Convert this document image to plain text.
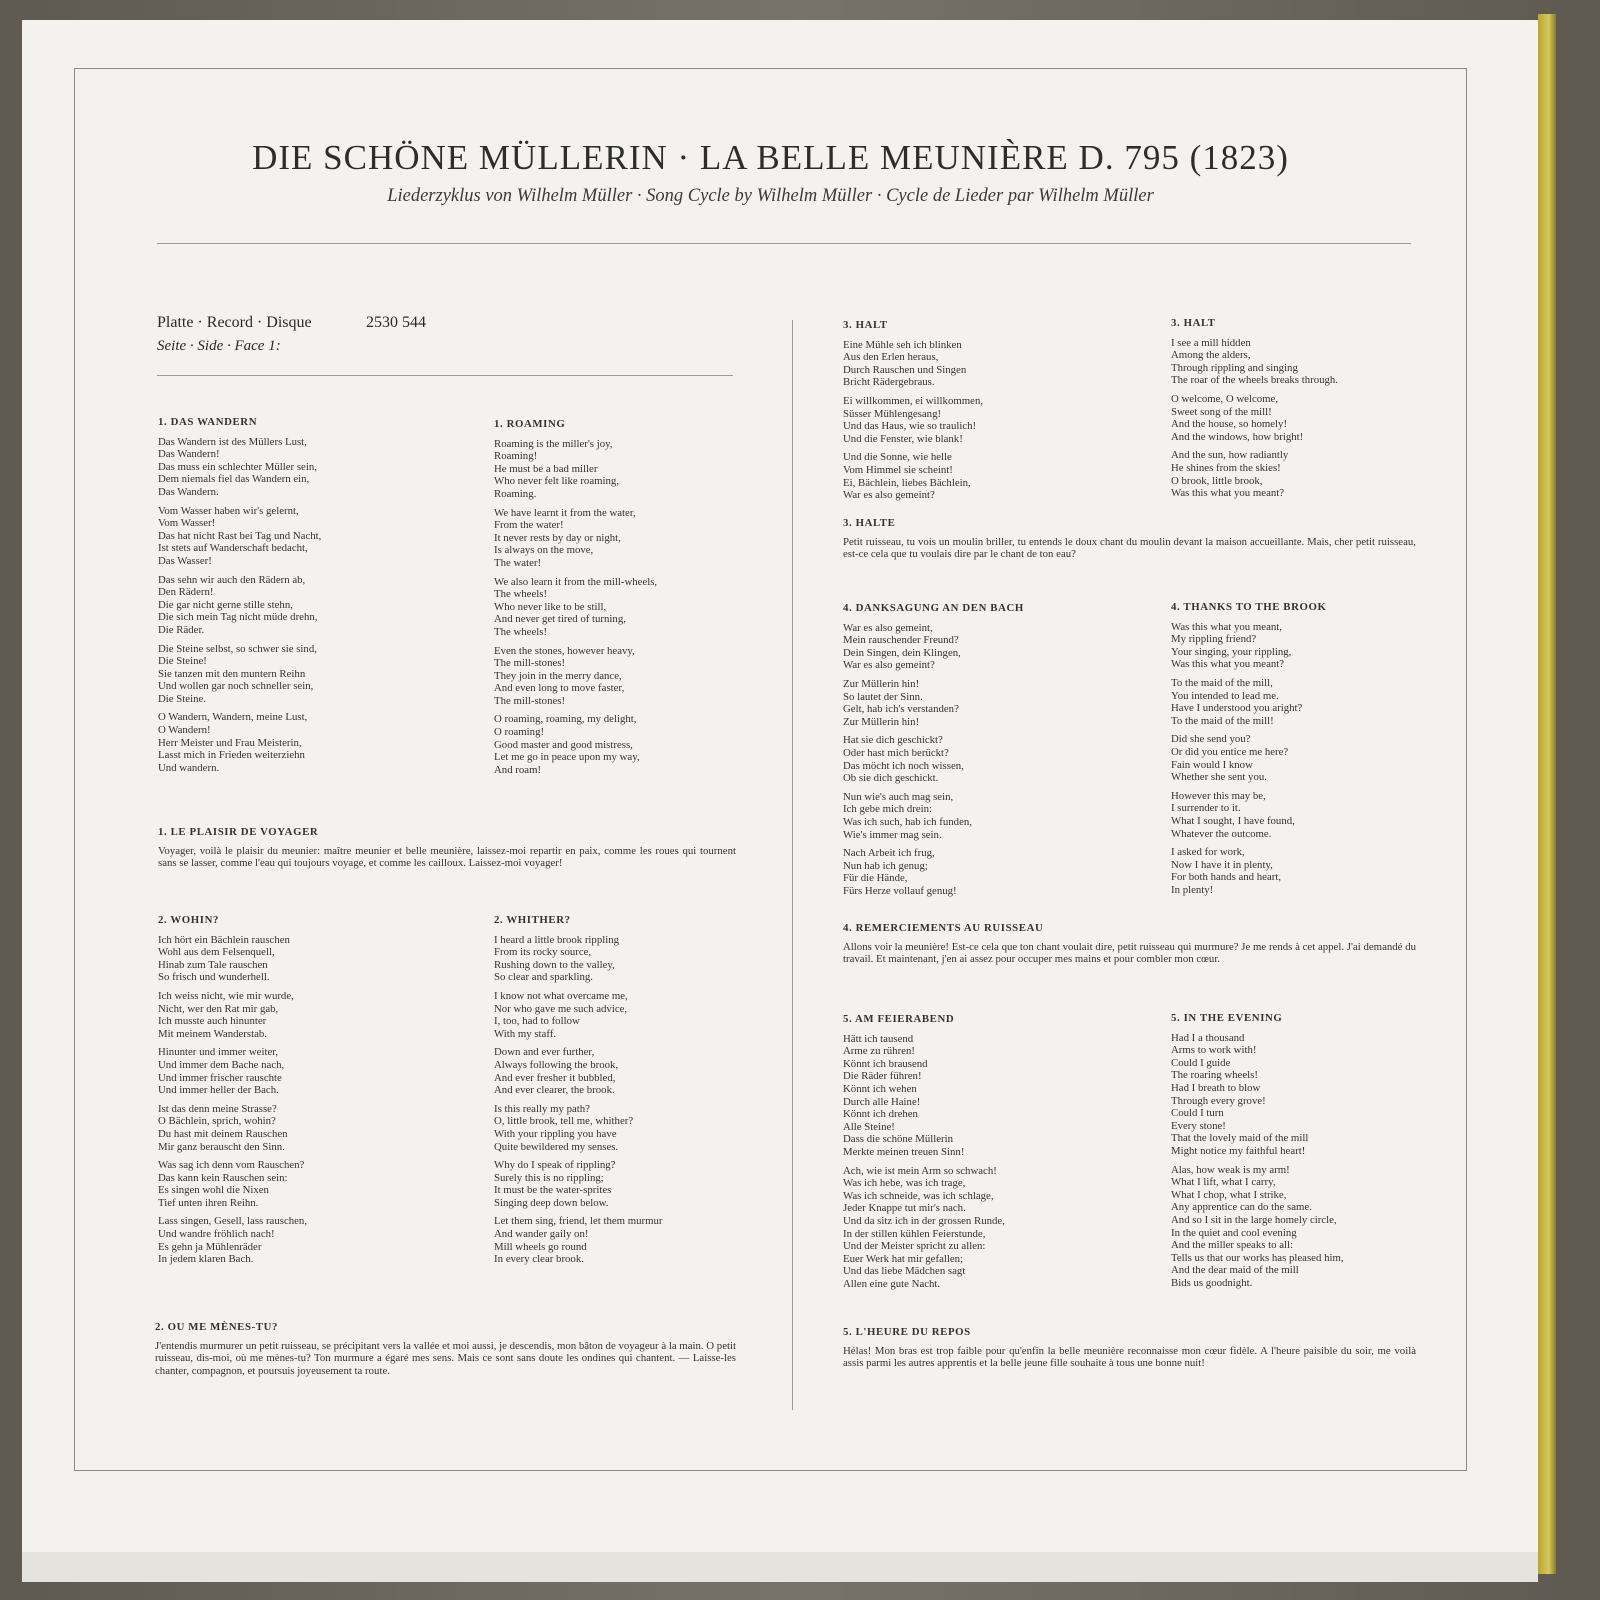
DIE SCHÖNE MÜLLERIN · LA BELLE MEUNIÈRE D. 795 (1823)
Liederzyklus von Wilhelm Müller · Song Cycle by Wilhelm Müller · Cycle de Lieder par Wilhelm Müller
Platte · Record · Disque	2530 544
Seite · Side · Face 1:
1. DAS WANDERN
Das Wandern ist des Müllers Lust,
Das Wandern!
Das muss ein schlechter Müller sein,
Dem niemals fiel das Wandern ein,
Das Wandern.
Vom Wasser haben wir's gelernt,
Vom Wasser!
Das hat nicht Rast bei Tag und Nacht,
Ist stets auf Wanderschaft bedacht,
Das Wasser!
Das sehn wir auch den Rädern ab,
Den Rädern!
Die gar nicht gerne stille stehn,
Die sich mein Tag nicht müde drehn,
Die Räder.
Die Steine selbst, so schwer sie sind,
Die Steine!
Sie tanzen mit den muntern Reihn
Und wollen gar noch schneller sein,
Die Steine.
O Wandern, Wandern, meine Lust,
O Wandern!
Herr Meister und Frau Meisterin,
Lasst mich in Frieden weiterziehn
Und wandern.
1. ROAMING
Roaming is the miller's joy,
Roaming!
He must be a bad miller
Who never felt like roaming,
Roaming.
We have learnt it from the water,
From the water!
It never rests by day or night,
Is always on the move,
The water!
We also learn it from the mill-wheels,
The wheels!
Who never like to be still,
And never get tired of turning,
The wheels!
Even the stones, however heavy,
The mill-stones!
They join in the merry dance,
And even long to move faster,
The mill-stones!
O roaming, roaming, my delight,
O roaming!
Good master and good mistress,
Let me go in peace upon my way,
And roam!
1. LE PLAISIR DE VOYAGER
Voyager, voilà le plaisir du meunier: maître meunier et belle meunière, laissez-moi repartir en paix, comme les roues qui tournent sans se lasser, comme l'eau qui toujours voyage, et comme les cailloux. Laissez-moi voyager!
2. WOHIN?
Ich hört ein Bächlein rauschen
Wohl aus dem Felsenquell,
Hinab zum Tale rauschen
So frisch und wunderhell.
Ich weiss nicht, wie mir wurde,
Nicht, wer den Rat mir gab,
Ich musste auch hinunter
Mit meinem Wanderstab.
Hinunter und immer weiter,
Und immer dem Bache nach,
Und immer frischer rauschte
Und immer heller der Bach.
Ist das denn meine Strasse?
O Bächlein, sprich, wohin?
Du hast mit deinem Rauschen
Mir ganz berauscht den Sinn.
Was sag ich denn vom Rauschen?
Das kann kein Rauschen sein:
Es singen wohl die Nixen
Tief unten ihren Reihn.
Lass singen, Gesell, lass rauschen,
Und wandre fröhlich nach!
Es gehn ja Mühlenräder
In jedem klaren Bach.
2. WHITHER?
I heard a little brook rippling
From its rocky source,
Rushing down to the valley,
So clear and sparkling.
I know not what overcame me,
Nor who gave me such advice,
I, too, had to follow
With my staff.
Down and ever further,
Always following the brook,
And ever fresher it bubbled,
And ever clearer, the brook.
Is this really my path?
O, little brook, tell me, whither?
With your rippling you have
Quite bewildered my senses.
Why do I speak of rippling?
Surely this is no rippling;
It must be the water-sprites
Singing deep down below.
Let them sing, friend, let them murmur
And wander gaily on!
Mill wheels go round
In every clear brook.
2. OU ME MÈNES-TU?
J'entendis murmurer un petit ruisseau, se précipitant vers la vallée et moi aussi, je descendis, mon bâton de voyageur à la main. O petit ruisseau, dis-moi, où me mènes-tu? Ton murmure a égaré mes sens. Mais ce sont sans doute les ondines qui chantent. — Laisse-les chanter, compagnon, et poursuis joyeusement ta route.
3. HALT
Eine Mühle seh ich blinken
Aus den Erlen heraus,
Durch Rauschen und Singen
Bricht Rädergebraus.
Ei willkommen, ei willkommen,
Süsser Mühlengesang!
Und das Haus, wie so traulich!
Und die Fenster, wie blank!
Und die Sonne, wie helle
Vom Himmel sie scheint!
Ei, Bächlein, liebes Bächlein,
War es also gemeint?
3. HALT
I see a mill hidden
Among the alders,
Through rippling and singing
The roar of the wheels breaks through.
O welcome, O welcome,
Sweet song of the mill!
And the house, so homely!
And the windows, how bright!
And the sun, how radiantly
He shines from the skies!
O brook, little brook,
Was this what you meant?
3. HALTE
Petit ruisseau, tu vois un moulin briller, tu entends le doux chant du moulin devant la maison accueillante. Mais, cher petit ruisseau, est-ce cela que tu voulais dire par le chant de ton eau?
4. DANKSAGUNG AN DEN BACH
War es also gemeint,
Mein rauschender Freund?
Dein Singen, dein Klingen,
War es also gemeint?
Zur Müllerin hin!
So lautet der Sinn.
Gelt, hab ich's verstanden?
Zur Müllerin hin!
Hat sie dich geschickt?
Oder hast mich berückt?
Das möcht ich noch wissen,
Ob sie dich geschickt.
Nun wie's auch mag sein,
Ich gebe mich drein:
Was ich such, hab ich funden,
Wie's immer mag sein.
Nach Arbeit ich frug,
Nun hab ich genug;
Für die Hände,
Fürs Herze vollauf genug!
4. THANKS TO THE BROOK
Was this what you meant,
My rippling friend?
Your singing, your rippling,
Was this what you meant?
To the maid of the mill,
You intended to lead me.
Have I understood you aright?
To the maid of the mill!
Did she send you?
Or did you entice me here?
Fain would I know
Whether she sent you.
However this may be,
I surrender to it.
What I sought, I have found,
Whatever the outcome.
I asked for work,
Now I have it in plenty,
For both hands and heart,
In plenty!
4. REMERCIEMENTS AU RUISSEAU
Allons voir la meunière! Est-ce cela que ton chant voulait dire, petit ruisseau qui murmure? Je me rends à cet appel. J'ai demandé du travail. Et maintenant, j'en ai assez pour occuper mes mains et pour combler mon cœur.
5. AM FEIERABEND
Hätt ich tausend
Arme zu rühren!
Könnt ich brausend
Die Räder führen!
Könnt ich wehen
Durch alle Haine!
Könnt ich drehen
Alle Steine!
Dass die schöne Müllerin
Merkte meinen treuen Sinn!
Ach, wie ist mein Arm so schwach!
Was ich hebe, was ich trage,
Was ich schneide, was ich schlage,
Jeder Knappe tut mir's nach.
Und da sitz ich in der grossen Runde,
In der stillen kühlen Feierstunde,
Und der Meister spricht zu allen:
Euer Werk hat mir gefallen;
Und das liebe Mädchen sagt
Allen eine gute Nacht.
5. IN THE EVENING
Had I a thousand
Arms to work with!
Could I guide
The roaring wheels!
Had I breath to blow
Through every grove!
Could I turn
Every stone!
That the lovely maid of the mill
Might notice my faithful heart!
Alas, how weak is my arm!
What I lift, what I carry,
What I chop, what I strike,
Any apprentice can do the same.
And so I sit in the large homely circle,
In the quiet and cool evening
And the miller speaks to all:
Tells us that our works has pleased him,
And the dear maid of the mill
Bids us goodnight.
5. L'HEURE DU REPOS
Hélas! Mon bras est trop faible pour qu'enfin la belle meunière reconnaisse mon cœur fidèle. A l'heure paisible du soir, me voilà assis parmi les autres apprentis et la belle jeune fille souhaite à tous une bonne nuit!
